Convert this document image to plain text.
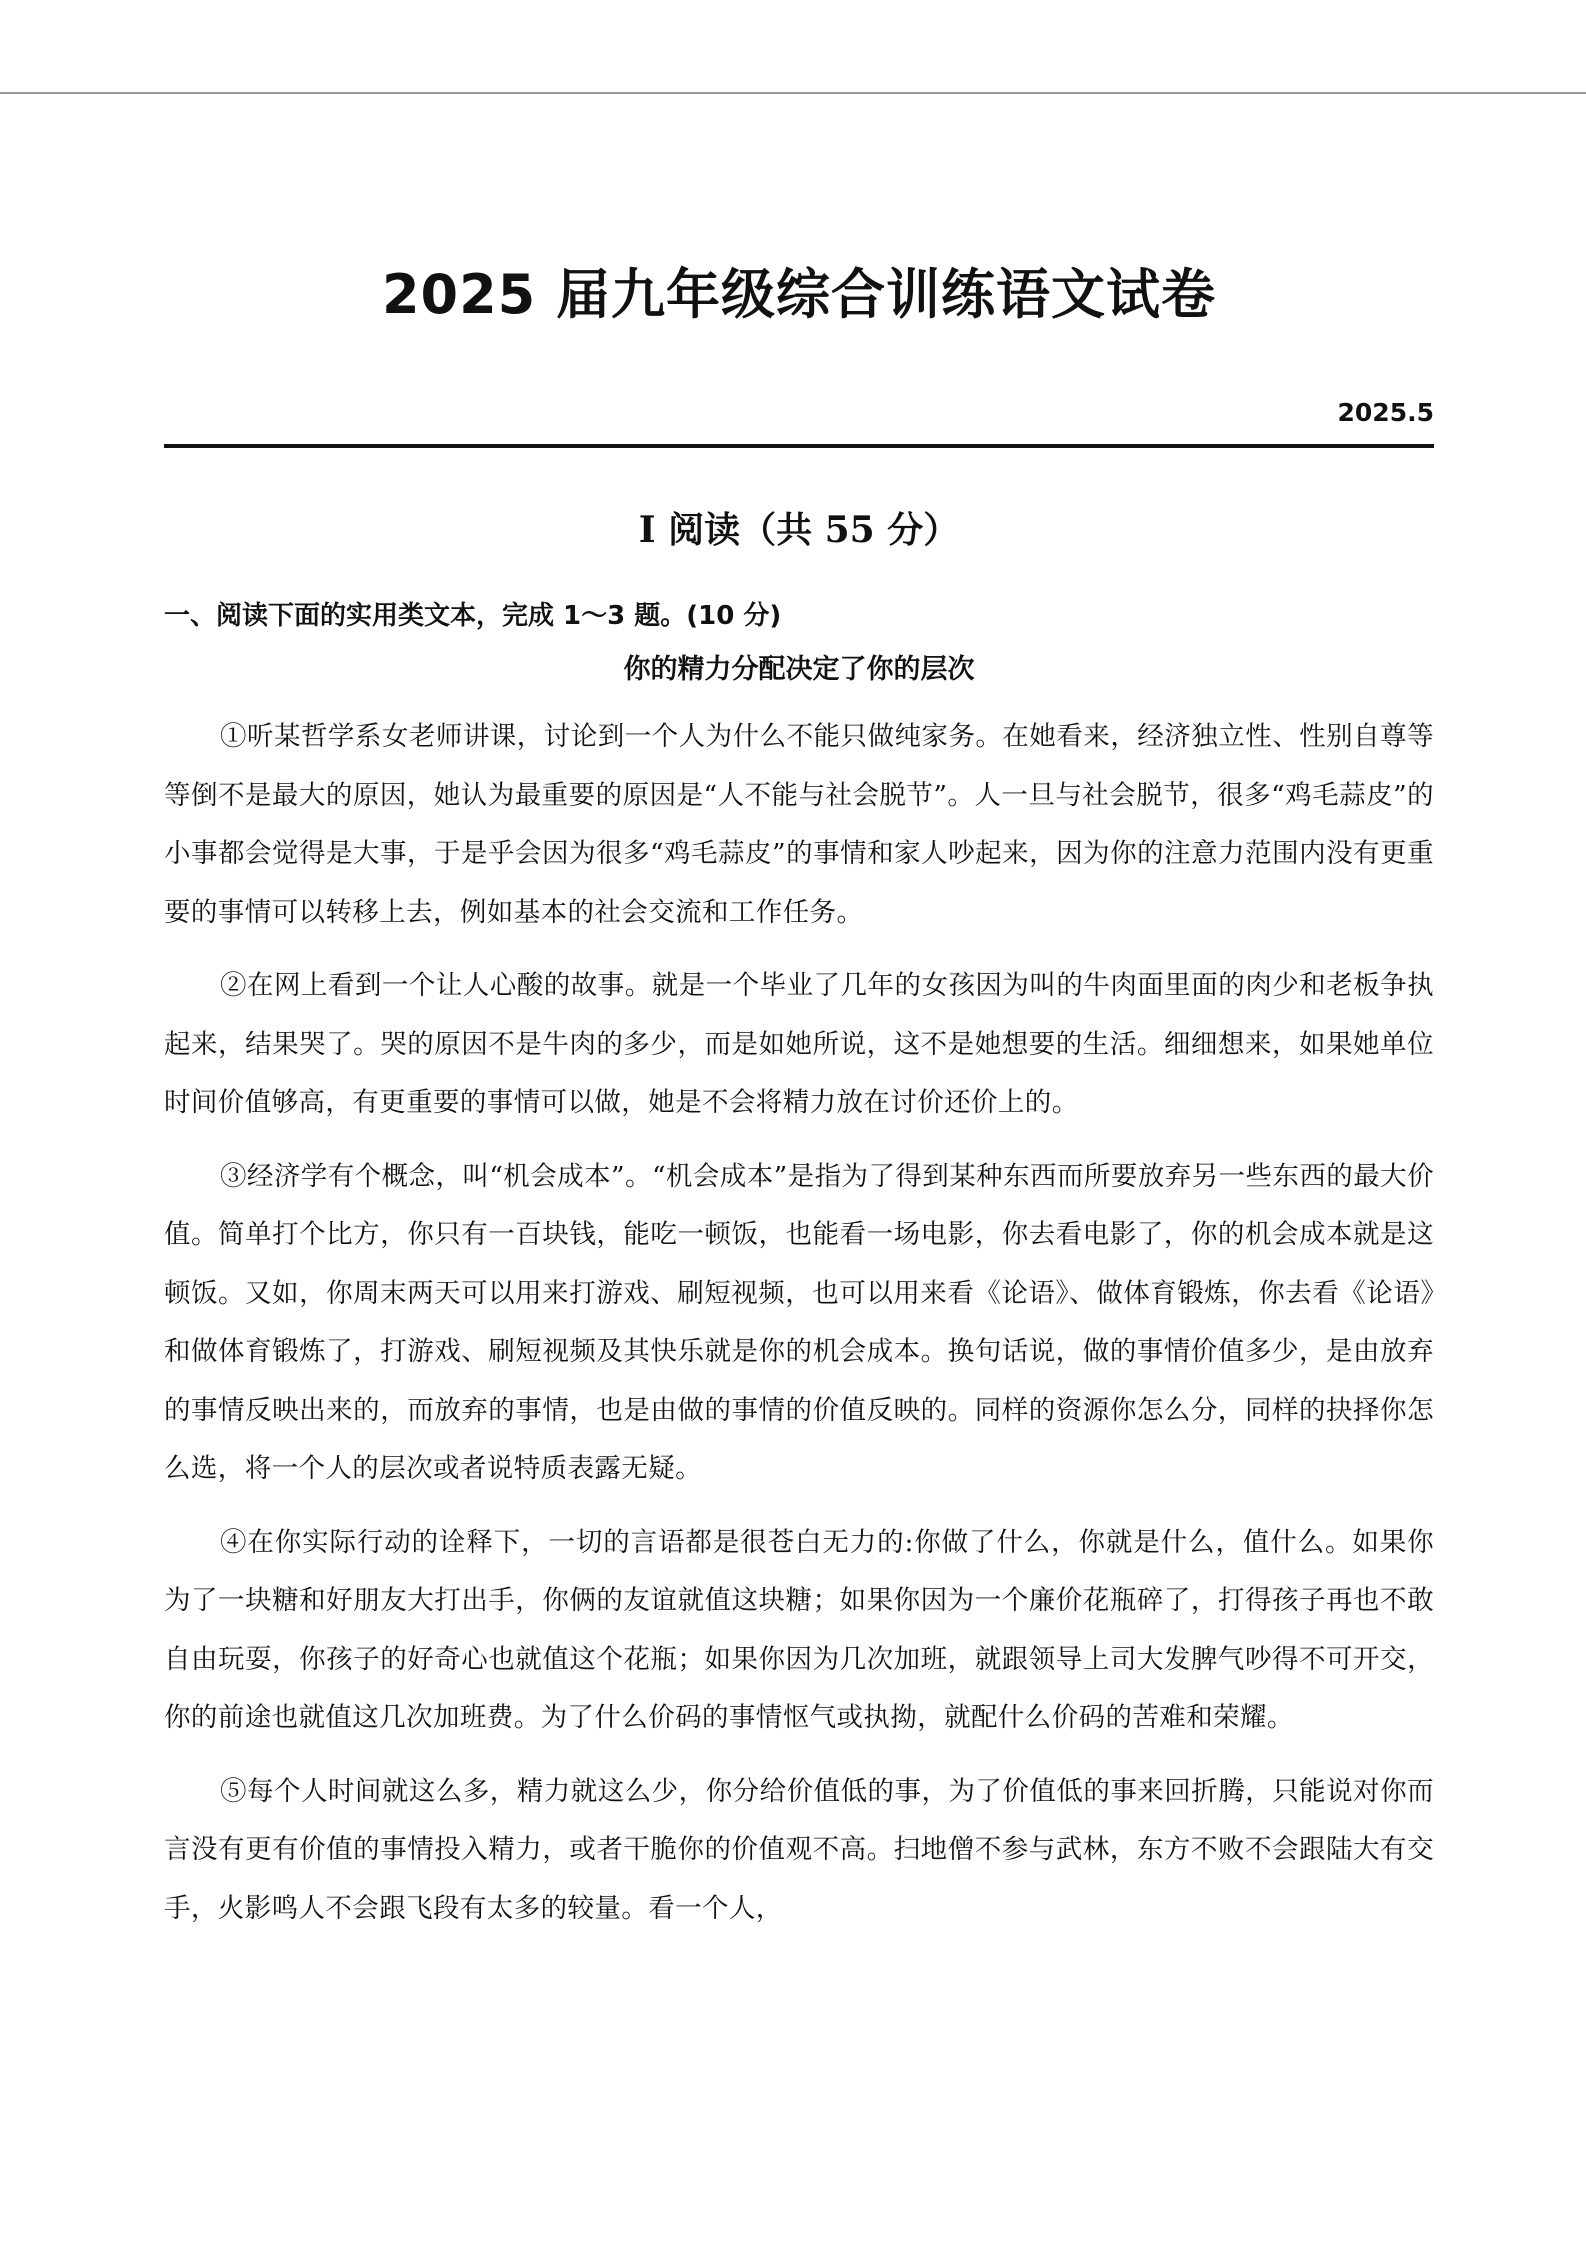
2025 届九年级综合训练语文试卷
2025.5
I 阅读（共 55 分）
一、阅读下面的实用类文本，完成 1～3 题。(10 分)
你的精力分配决定了你的层次

①听某哲学系女老师讲课，讨论到一个人为什么不能只做纯家务。在她看来，经济独立性、性别自尊等等倒不是最大的原因，她认为最重要的原因是“人不能与社会脱节”。人一旦与社会脱节，很多“鸡毛蒜皮”的小事都会觉得是大事，于是乎会因为很多“鸡毛蒜皮”的事情和家人吵起来，因为你的注意力范围内没有更重要的事情可以转移上去，例如基本的社会交流和工作任务。

②在网上看到一个让人心酸的故事。就是一个毕业了几年的女孩因为叫的牛肉面里面的肉少和老板争执起来，结果哭了。哭的原因不是牛肉的多少，而是如她所说，这不是她想要的生活。细细想来，如果她单位时间价值够高，有更重要的事情可以做，她是不会将精力放在讨价还价上的。

③经济学有个概念，叫“机会成本”。“机会成本”是指为了得到某种东西而所要放弃另一些东西的最大价值。简单打个比方，你只有一百块钱，能吃一顿饭，也能看一场电影，你去看电影了，你的机会成本就是这顿饭。又如，你周末两天可以用来打游戏、刷短视频，也可以用来看《论语》、做体育锻炼，你去看《论语》和做体育锻炼了，打游戏、刷短视频及其快乐就是你的机会成本。换句话说，做的事情价值多少，是由放弃的事情反映出来的，而放弃的事情，也是由做的事情的价值反映的。同样的资源你怎么分，同样的抉择你怎么选，将一个人的层次或者说特质表露无疑。

④在你实际行动的诠释下，一切的言语都是很苍白无力的:你做了什么，你就是什么，值什么。如果你为了一块糖和好朋友大打出手，你俩的友谊就值这块糖；如果你因为一个廉价花瓶碎了，打得孩子再也不敢自由玩耍，你孩子的好奇心也就值这个花瓶；如果你因为几次加班，就跟领导上司大发脾气吵得不可开交，你的前途也就值这几次加班费。为了什么价码的事情怄气或执拗，就配什么价码的苦难和荣耀。

⑤每个人时间就这么多，精力就这么少，你分给价值低的事，为了价值低的事来回折腾，只能说对你而言没有更有价值的事情投入精力，或者干脆你的价值观不高。扫地僧不参与武林，东方不败不会跟陆大有交手，火影鸣人不会跟飞段有太多的较量。看一个人，
